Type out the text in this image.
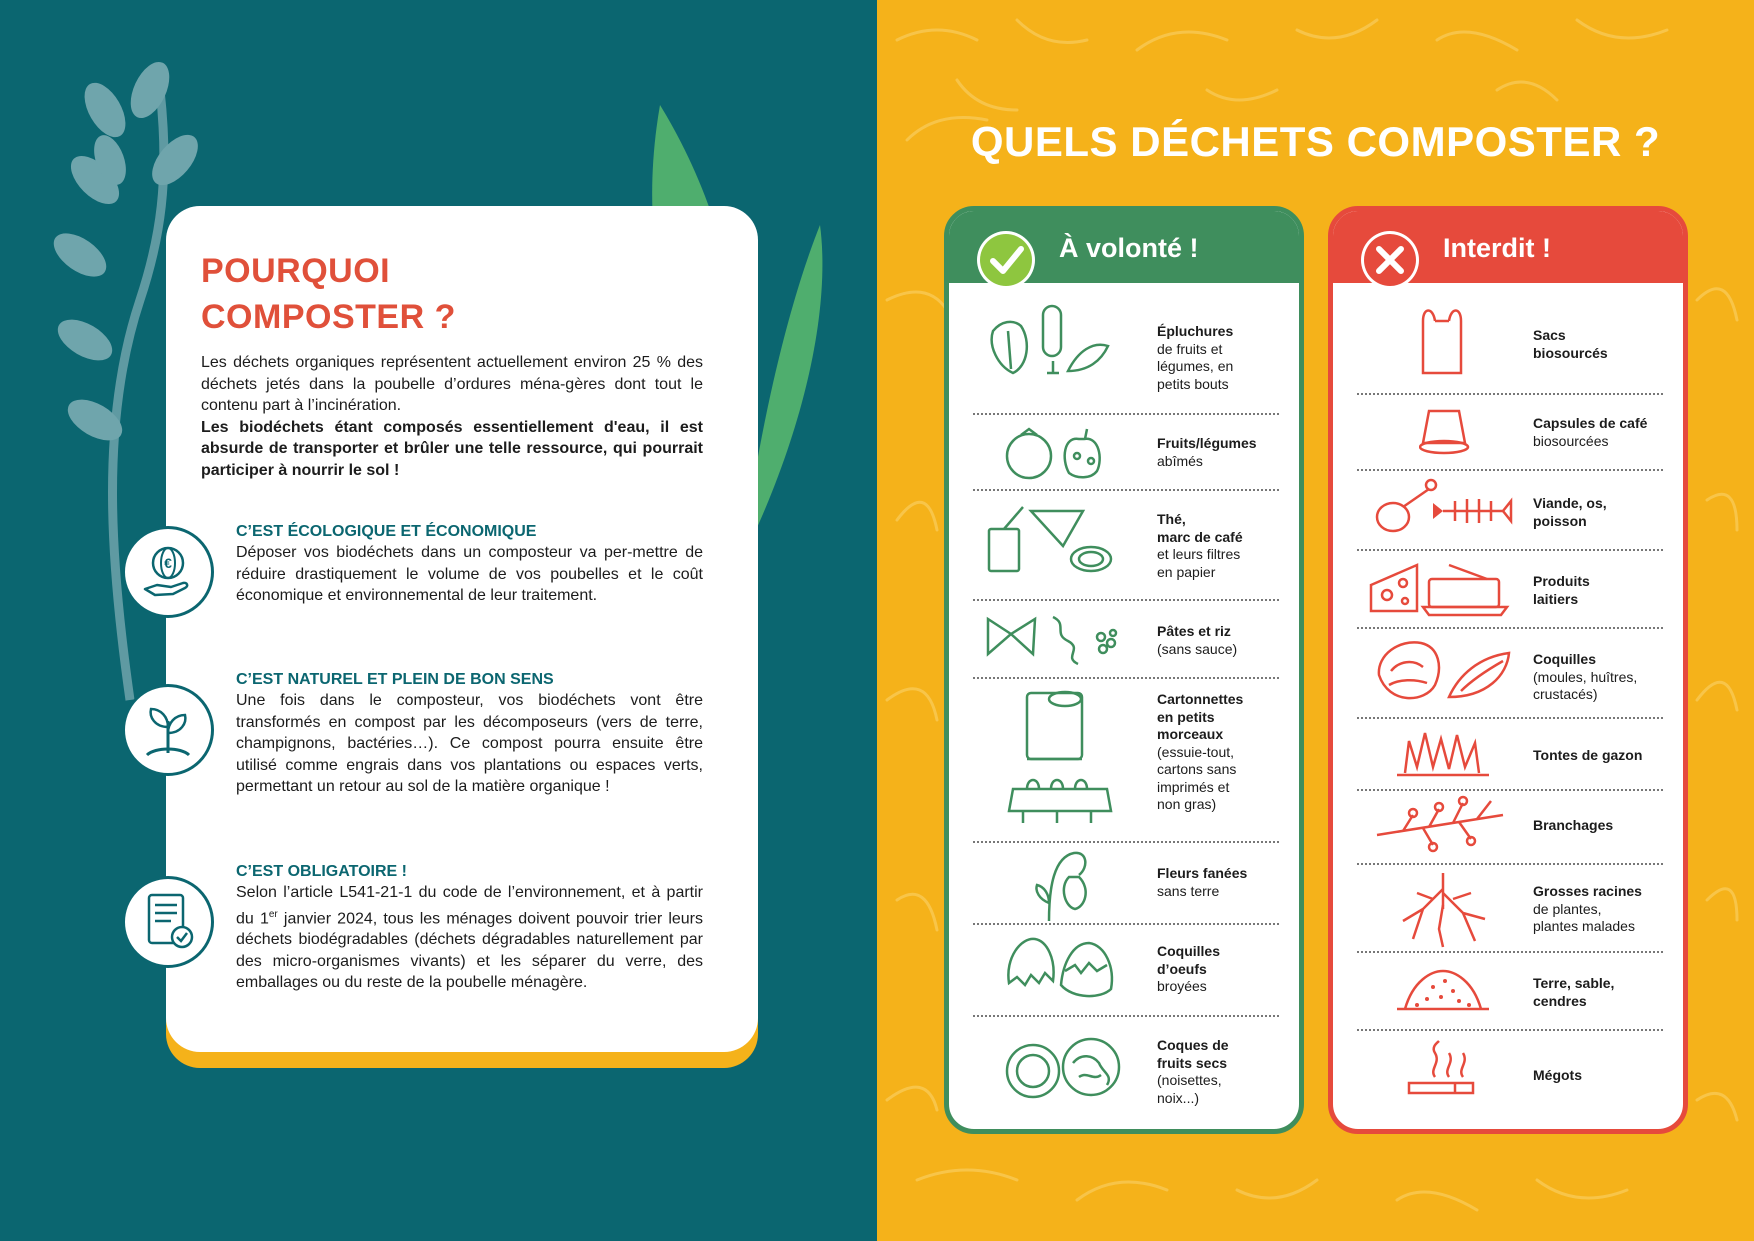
POURQUOI
COMPOSTER ?

Les déchets organiques représentent actuellement environ 25 % des déchets jetés dans la poubelle d’ordures ména-gères dont tout le contenu part à l’incinération.
Les biodéchets étant composés essentiellement d'eau, il est absurde de transporter et brûler une telle ressource, qui pourrait participer à nourrir le sol !

€

C’EST ÉCOLOGIQUE ET ÉCONOMIQUE

Déposer vos biodéchets dans un composteur va per-mettre de réduire drastiquement le volume de vos poubelles et le coût économique et environnemental de leur traitement.

C’EST NATUREL ET PLEIN DE BON SENS

Une fois dans le composteur, vos biodéchets vont être transformés en compost par les décomposeurs (vers de terre, champignons, bactéries…). Ce compost pourra ensuite être utilisé comme engrais dans vos plantations ou espaces verts, permettant un retour au sol de la matière organique !

C’EST OBLIGATOIRE !

Selon l’article L541-21-1 du code de l’environnement, et à partir du 1er janvier 2024, tous les ménages doivent pouvoir trier leurs déchets biodégradables (déchets dégradables naturellement par des micro-organismes vivants) et les séparer du verre, des emballages ou du reste de la poubelle ménagère.

QUELS DÉCHETS COMPOSTER ?

À volonté !

Épluchures
de fruits et
légumes, en
petits bouts

Fruits/légumes
abîmés

Thé,
marc de café
et leurs filtres
en papier

Pâtes et riz
(sans sauce)

Cartonnettes
en petits
morceaux
(essuie-tout,
cartons sans
imprimés et
non gras)

Fleurs fanées
sans terre

Coquilles
d’oeufs
broyées

Coques de
fruits secs
(noisettes,
noix...)

Interdit !

Sacs
biosourcés

Capsules de café
biosourcées

Viande, os,
poisson

Produits
laitiers

Coquilles
(moules, huîtres,
crustacés)

Tontes de gazon

Branchages

Grosses racines
de plantes,
plantes malades

Terre, sable,
cendres

Mégots
